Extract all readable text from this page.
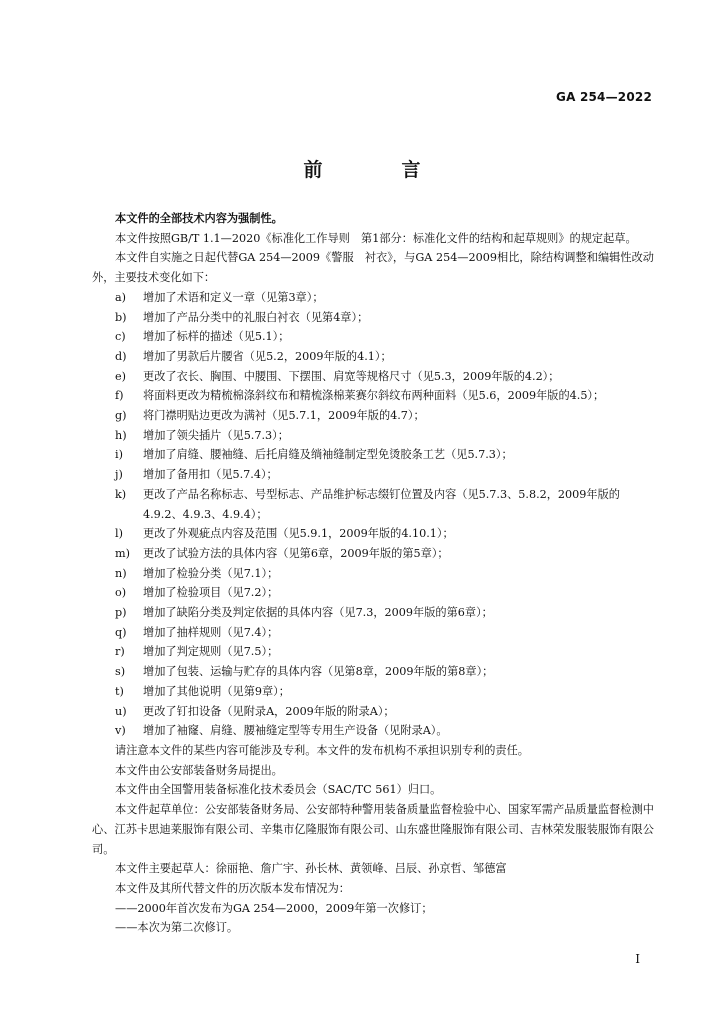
GA 254—2022
前　言

本文件的全部技术内容为强制性。

本文件按照GB/T 1.1—2020《标准化工作导则　第1部分：标准化文件的结构和起草规则》的规定起草。

本文件自实施之日起代替GA 254—2009《警服　衬衣》，与GA 254—2009相比，除结构调整和编辑性改动外，主要技术变化如下：

a)	增加了术语和定义一章（见第3章）；
b)	增加了产品分类中的礼服白衬衣（见第4章）；
c)	增加了标样的描述（见5.1）；
d)	增加了男款后片腰省（见5.2，2009年版的4.1）；
e)	更改了衣长、胸围、中腰围、下摆围、肩宽等规格尺寸（见5.3，2009年版的4.2）；
f)	将面料更改为精梳棉涤斜纹布和精梳涤棉莱赛尔斜纹布两种面料（见5.6，2009年版的4.5）；
g)	将门襟明贴边更改为满衬（见5.7.1，2009年版的4.7）；
h)	增加了领尖插片（见5.7.3）；
i)	增加了肩缝、腰袖缝、后托肩缝及绱袖缝制定型免烫胶条工艺（见5.7.3）；
j)	增加了备用扣（见5.7.4）；
k)	更改了产品名称标志、号型标志、产品维护标志缀钉位置及内容（见5.7.3、5.8.2，2009年版的4.9.2、4.9.3、4.9.4）；
l)	更改了外观疵点内容及范围（见5.9.1，2009年版的4.10.1）；
m)	更改了试验方法的具体内容（见第6章，2009年版的第5章）；
n)	增加了检验分类（见7.1）；
o)	增加了检验项目（见7.2）；
p)	增加了缺陷分类及判定依据的具体内容（见7.3，2009年版的第6章）；
q)	增加了抽样规则（见7.4）；
r)	增加了判定规则（见7.5）；
s)	增加了包装、运输与贮存的具体内容（见第8章，2009年版的第8章）；
t)	增加了其他说明（见第9章）；
u)	更改了钉扣设备（见附录A，2009年版的附录A）；
v)	增加了袖窿、肩缝、腰袖缝定型等专用生产设备（见附录A）。

请注意本文件的某些内容可能涉及专利。本文件的发布机构不承担识别专利的责任。

本文件由公安部装备财务局提出。

本文件由全国警用装备标准化技术委员会（SAC/TC 561）归口。

本文件起草单位：公安部装备财务局、公安部特种警用装备质量监督检验中心、国家军需产品质量监督检测中心、江苏卡思迪莱服饰有限公司、辛集市亿隆服饰有限公司、山东盛世隆服饰有限公司、吉林荣发服装服饰有限公司。

本文件主要起草人：徐丽艳、詹广宇、孙长林、黄领峰、吕辰、孙京哲、邹德富

本文件及其所代替文件的历次版本发布情况为：

——2000年首次发布为GA 254—2000，2009年第一次修订；

——本次为第二次修订。

I
